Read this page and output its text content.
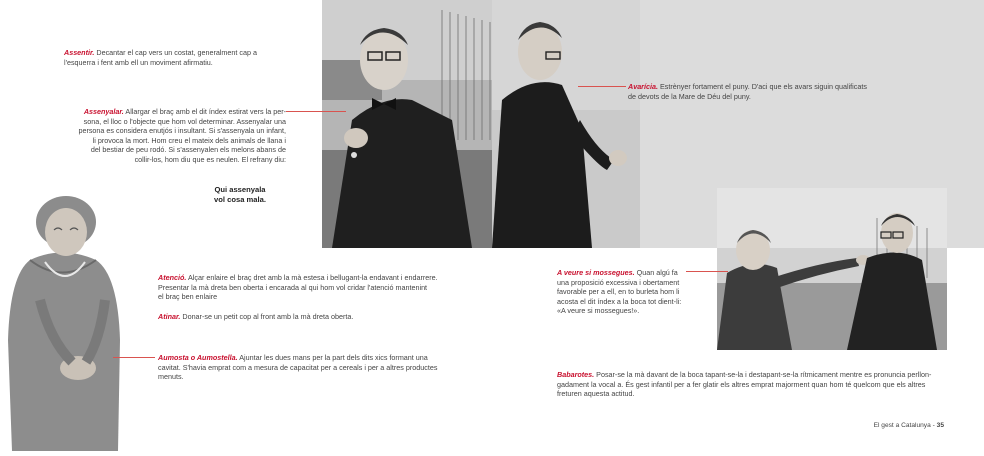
Assentir. Decantar el cap vers un costat, generalment cap a l'esquerra i fent amb ell un moviment afirmatiu.
Assenyalar. Allargar el braç amb el dit índex estirat vers la per-
sona, el lloc o l'objecte que hom vol determinar. Assenyalar una
persona es considera enutjós i insultant. Si s'assenyala un infant,
li provoca la mort. Hom creu el mateix dels animals de llana i
del bestiar de peu rodó. Si s'assenyalen els melons abans de
collir-los, hom diu que es neulen. El refrany diu:
Qui assenyala
vol cosa mala.
Avarícia. Estrènyer fortament el puny. D'aci que els avars siguin qualificats
de devots de la Mare de Déu del puny.
Atenció. Alçar enlaire el braç dret amb la mà estesa i bellugant-la endavant i endarrere.
Presentar la mà dreta ben oberta i encarada al qui hom vol cridar l'atenció mantenint
el braç ben enlaire
Atinar. Donar-se un petit cop al front amb la mà dreta oberta.
Aumosta o Aumostella. Ajuntar les dues mans per la part dels dits xics formant una
cavitat. S'havia emprat com a mesura de capacitat per a cereals i per a altres productes
menuts.
A veure si mossegues. Quan algú fa
una proposició excessiva i obertament
favorable per a ell, en to burleta hom li
acosta el dit índex a la boca tot dient-li:
«A veure si mossegues!».
Babarotes. Posar-se la mà davant de la boca tapant-se-la i destapant-se-la rítmicament mentre es pronuncia perllon-
gadament la vocal a. És gest infantil per a fer glatir els altres emprat majorment quan hom té quelcom que els altres
freturen aquesta actitud.
El gest a Catalunya - 35
